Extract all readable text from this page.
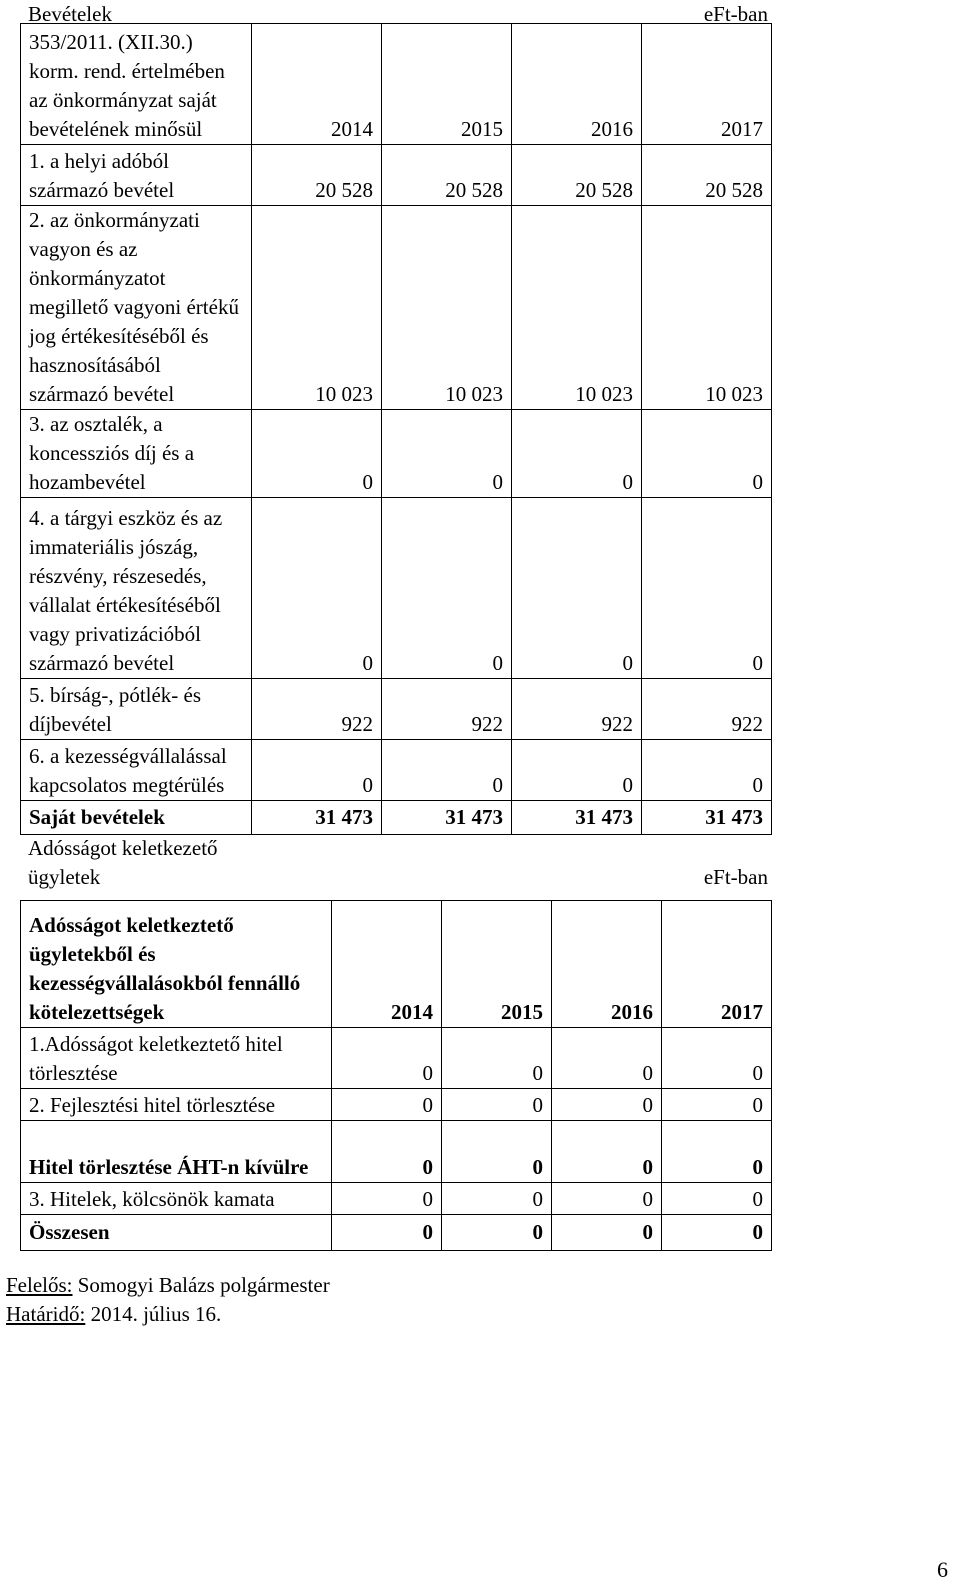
Bevételek	eFt-ban
353/2011. (XII.30.) korm. rend. értelmében az önkormányzat saját bevételének minősül	2014	2015	2016	2017
1. a helyi adóból származó bevétel	20 528	20 528	20 528	20 528
2. az önkormányzati vagyon és az önkormányzatot megillető vagyoni értékű jog értékesítéséből és hasznosításából származó bevétel	10 023	10 023	10 023	10 023
3. az osztalék, a koncessziós díj és a hozambevétel	0	0	0	0
4. a tárgyi eszköz és az immateriális jószág, részvény, részesedés, vállalat értékesítéséből vagy privatizációból származó bevétel	0	0	0	0
5. bírság-, pótlék- és díjbevétel	922	922	922	922
6. a kezességvállalással kapcsolatos megtérülés	0	0	0	0
Saját bevételek	31 473	31 473	31 473	31 473
Adósságot keletkezető ügyletek	eFt-ban
Adósságot keletkeztető ügyletekből és kezességvállalásokból fennálló kötelezettségek	2014	2015	2016	2017
1.Adósságot keletkeztető hitel törlesztése	0	0	0	0
2. Fejlesztési hitel törlesztése	0	0	0	0
Hitel törlesztése ÁHT-n kívülre	0	0	0	0
3. Hitelek, kölcsönök kamata	0	0	0	0
Összesen	0	0	0	0
Felelős: Somogyi Balázs polgármester
Határidő: 2014. július 16.
6
